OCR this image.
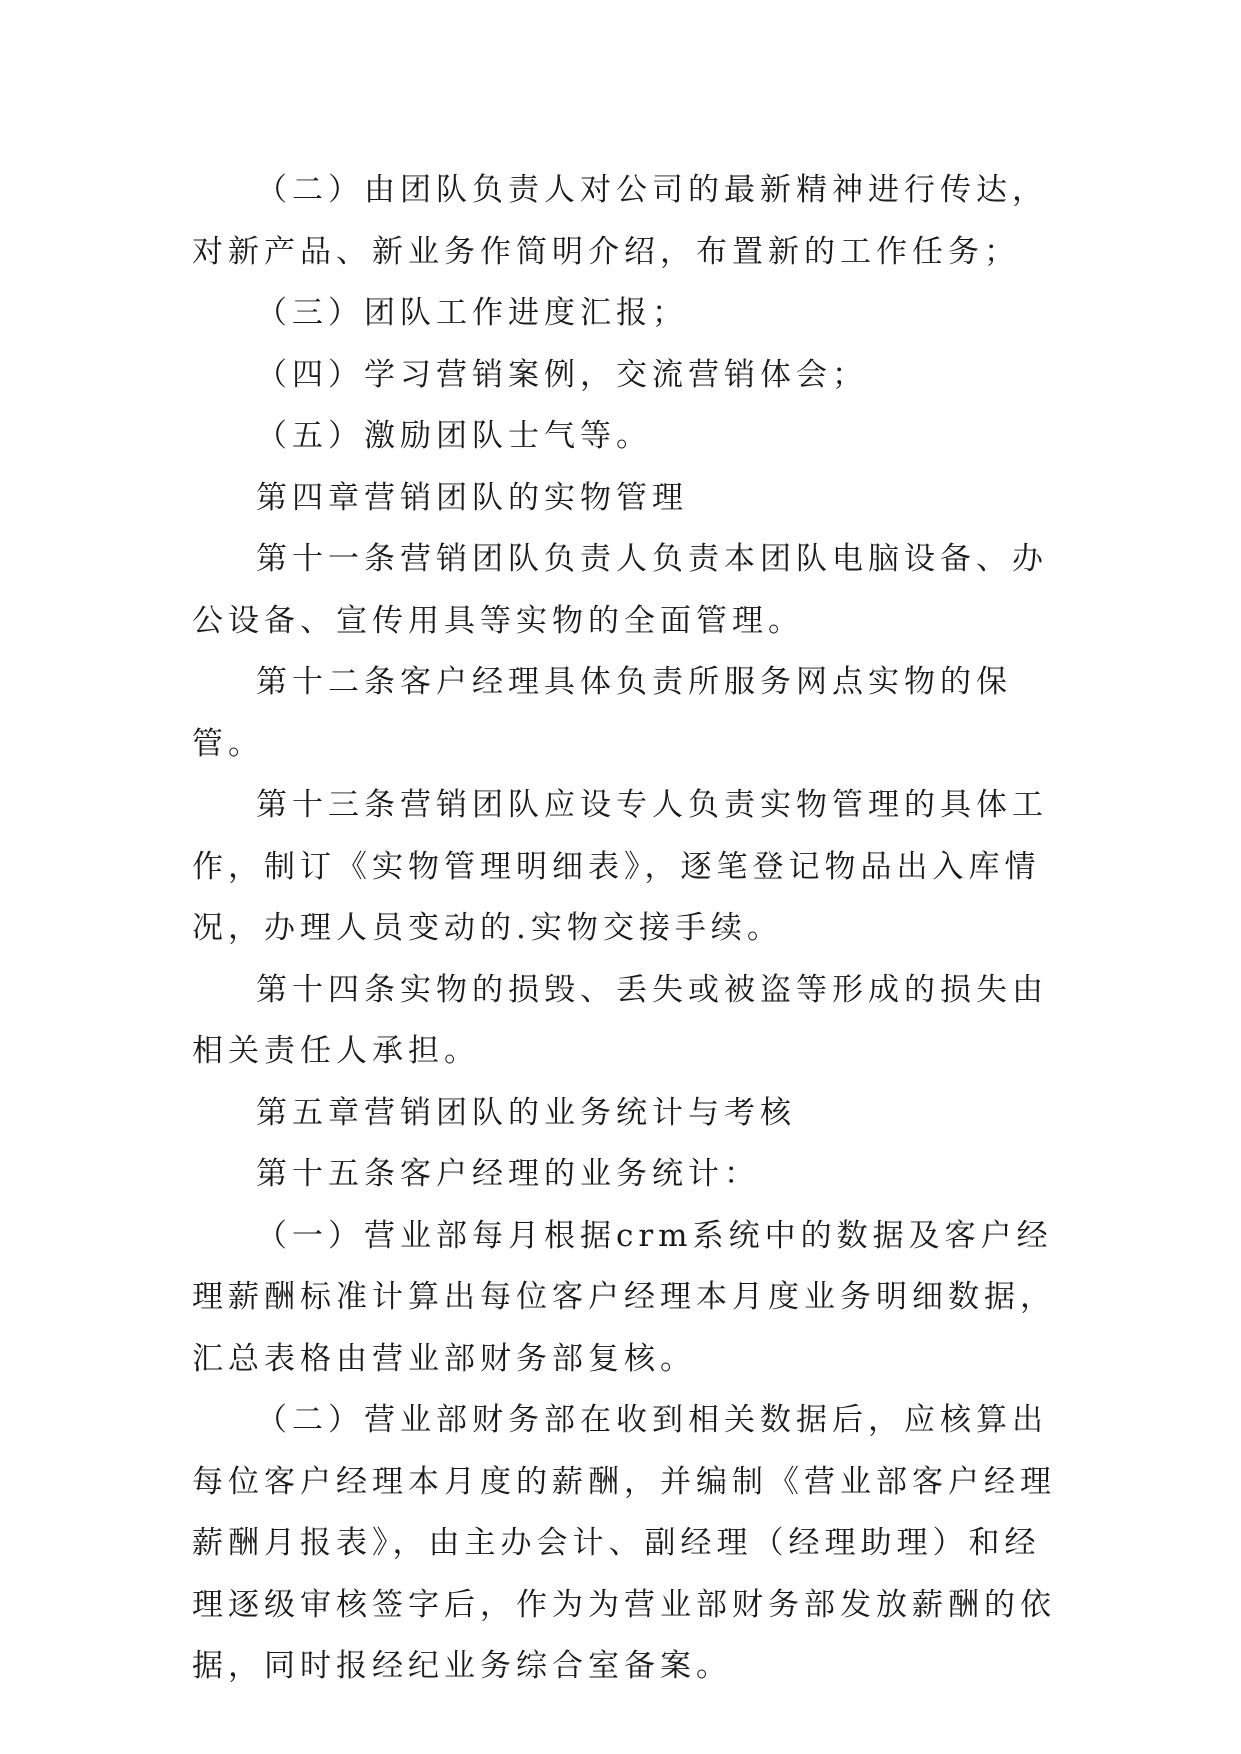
（二）由团队负责人对公司的最新精神进行传达，对新产品、新业务作简明介绍，布置新的工作任务；

（三）团队工作进度汇报；

（四）学习营销案例，交流营销体会；

（五）激励团队士气等。

第四章营销团队的实物管理

第十一条营销团队负责人负责本团队电脑设备、办公设备、宣传用具等实物的全面管理。

第十二条客户经理具体负责所服务网点实物的保管。

第十三条营销团队应设专人负责实物管理的具体工作，制订《实物管理明细表》，逐笔登记物品出入库情况，办理人员变动的.实物交接手续。

第十四条实物的损毁、丢失或被盗等形成的损失由相关责任人承担。

第五章营销团队的业务统计与考核

第十五条客户经理的业务统计：

（一）营业部每月根据crm系统中的数据及客户经理薪酬标准计算出每位客户经理本月度业务明细数据，汇总表格由营业部财务部复核。

（二）营业部财务部在收到相关数据后，应核算出每位客户经理本月度的薪酬，并编制《营业部客户经理薪酬月报表》，由主办会计、副经理（经理助理）和经理逐级审核签字后，作为为营业部财务部发放薪酬的依据，同时报经纪业务综合室备案。
